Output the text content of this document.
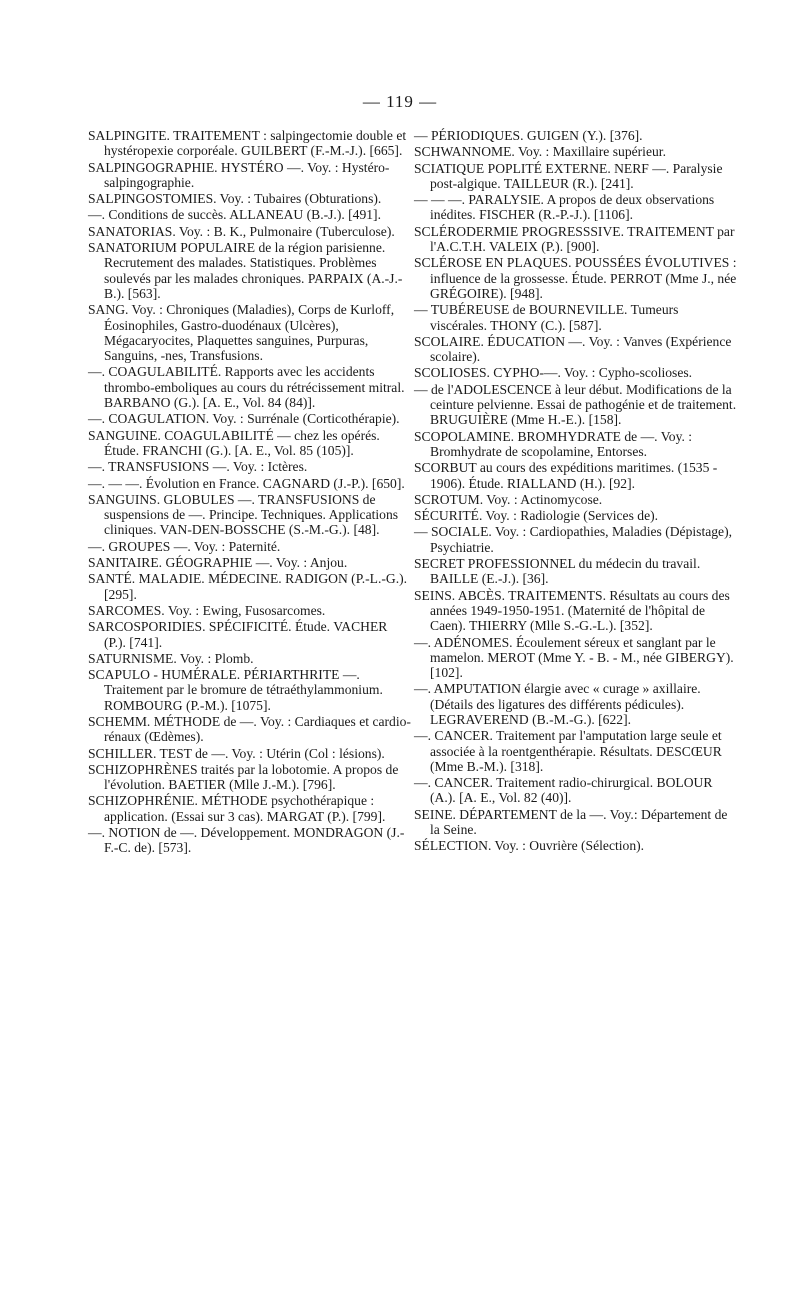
— 119 —

SALPINGITE. TRAITEMENT : salpingectomie double et hystéropexie corporéale. GUILBERT (F.-M.-J.). [665].

SALPINGOGRAPHIE. HYSTÉRO —. Voy. : Hystéro-salpingographie.

SALPINGOSTOMIES. Voy. : Tubaires (Obturations).

—. Conditions de succès. ALLANEAU (B.-J.). [491].

SANATORIAS. Voy. : B. K., Pulmonaire (Tuberculose).

SANATORIUM POPULAIRE de la région parisienne. Recrutement des malades. Statistiques. Problèmes soulevés par les malades chroniques. PARPAIX (A.-J.-B.). [563].

SANG. Voy. : Chroniques (Maladies), Corps de Kurloff, Éosinophiles, Gastro-duodénaux (Ulcères), Mégacaryocites, Plaquettes sanguines, Purpuras, Sanguins, -nes, Transfusions.

—. COAGULABILITÉ. Rapports avec les accidents thrombo-emboliques au cours du rétrécissement mitral. BARBANO (G.). [A. E., Vol. 84 (84)].

—. COAGULATION. Voy. : Surrénale (Corticothérapie).

SANGUINE. COAGULABILITÉ — chez les opérés. Étude. FRANCHI (G.). [A. E., Vol. 85 (105)].

—. TRANSFUSIONS —. Voy. : Ictères.

—. — —. Évolution en France. CAGNARD (J.-P.). [650].

SANGUINS. GLOBULES —. TRANSFUSIONS de suspensions de —. Principe. Techniques. Applications cliniques. VAN-DEN-BOSSCHE (S.-M.-G.). [48].

—. GROUPES —. Voy. : Paternité.

SANITAIRE. GÉOGRAPHIE —. Voy. : Anjou.

SANTÉ. MALADIE. MÉDECINE. RADIGON (P.-L.-G.). [295].

SARCOMES. Voy. : Ewing, Fusosarcomes.

SARCOSPORIDIES. SPÉCIFICITÉ. Étude. VACHER (P.). [741].

SATURNISME. Voy. : Plomb.

SCAPULO - HUMÉRALE. PÉRIARTHRITE —. Traitement par le bromure de tétraéthylammonium. ROMBOURG (P.-M.). [1075].

SCHEMM. MÉTHODE de —. Voy. : Cardiaques et cardio-rénaux (Œdèmes).

SCHILLER. TEST de —. Voy. : Utérin (Col : lésions).

SCHIZOPHRÈNES traités par la lobotomie. A propos de l'évolution. BAETIER (Mlle J.-M.). [796].

SCHIZOPHRÉNIE. MÉTHODE psychothérapique : application. (Essai sur 3 cas). MARGAT (P.). [799].

—. NOTION de —. Développement. MONDRAGON (J.-F.-C. de). [573].

— PÉRIODIQUES. GUIGEN (Y.). [376].

SCHWANNOME. Voy. : Maxillaire supérieur.

SCIATIQUE POPLITÉ EXTERNE. NERF —. Paralysie post-algique. TAILLEUR (R.). [241].

— — —. PARALYSIE. A propos de deux observations inédites. FISCHER (R.-P.-J.). [1106].

SCLÉRODERMIE PROGRESSSIVE. TRAITEMENT par l'A.C.T.H. VALEIX (P.). [900].

SCLÉROSE EN PLAQUES. POUSSÉES ÉVOLUTIVES : influence de la grossesse. Étude. PERROT (Mme J., née GRÉGOIRE). [948].

— TUBÉREUSE de BOURNEVILLE. Tumeurs viscérales. THONY (C.). [587].

SCOLAIRE. ÉDUCATION —. Voy. : Vanves (Expérience scolaire).

SCOLIOSES. CYPHO-—. Voy. : Cypho-scolioses.

— de l'ADOLESCENCE à leur début. Modifications de la ceinture pelvienne. Essai de pathogénie et de traitement. BRUGUIÈRE (Mme H.-E.). [158].

SCOPOLAMINE. BROMHYDRATE de —. Voy. : Bromhydrate de scopolamine, Entorses.

SCORBUT au cours des expéditions maritimes. (1535 - 1906). Étude. RIALLAND (H.). [92].

SCROTUM. Voy. : Actinomycose.

SÉCURITÉ. Voy. : Radiologie (Services de).

— SOCIALE. Voy. : Cardiopathies, Maladies (Dépistage), Psychiatrie.

SECRET PROFESSIONNEL du médecin du travail. BAILLE (E.-J.). [36].

SEINS. ABCÈS. TRAITEMENTS. Résultats au cours des années 1949-1950-1951. (Maternité de l'hôpital de Caen). THIERRY (Mlle S.-G.-L.). [352].

—. ADÉNOMES. Écoulement séreux et sanglant par le mamelon. MEROT (Mme Y. - B. - M., née GIBERGY). [102].

—. AMPUTATION élargie avec « curage » axillaire. (Détails des ligatures des différents pédicules). LEGRAVEREND (B.-M.-G.). [622].

—. CANCER. Traitement par l'amputation large seule et associée à la roentgenthérapie. Résultats. DESCŒUR (Mme B.-M.). [318].

—. CANCER. Traitement radio-chirurgical. BOLOUR (A.). [A. E., Vol. 82 (40)].

SEINE. DÉPARTEMENT de la —. Voy.: Département de la Seine.

SÉLECTION. Voy. : Ouvrière (Sélection).
